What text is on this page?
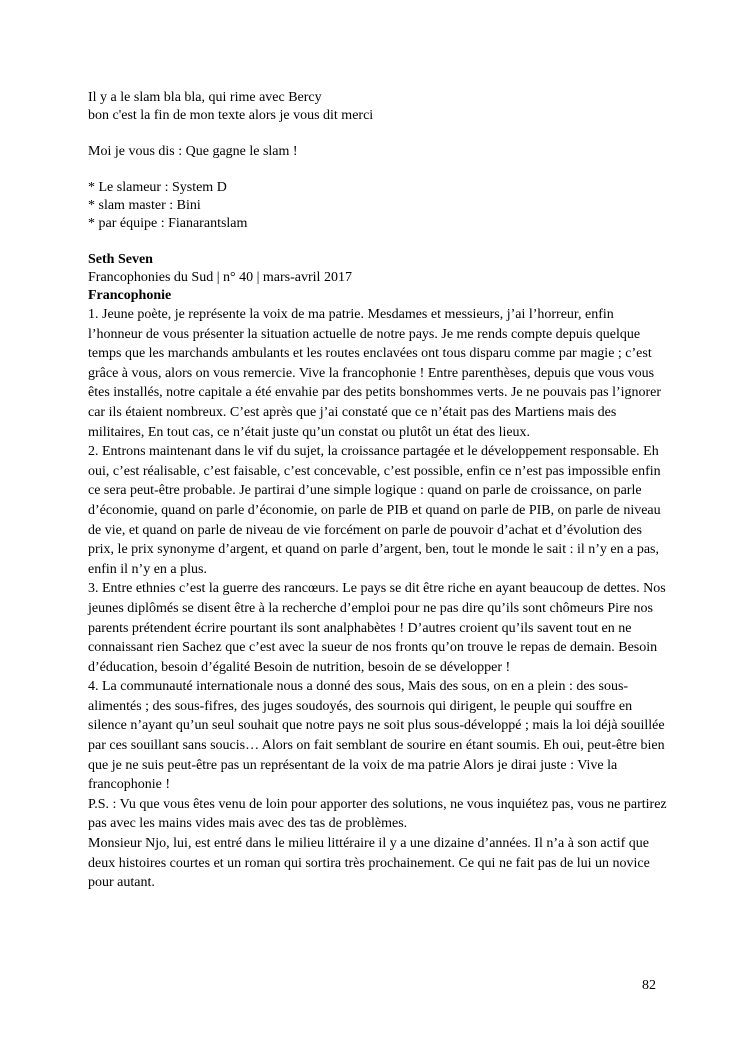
Il y a le slam bla bla, qui rime avec Bercy

bon c'est la fin de mon texte alors je vous dit merci

Moi je vous dis : Que gagne le slam !

* Le slameur : System D

* slam master : Bini

* par équipe : Fianarantslam

Seth Seven

Francophonies du Sud | n° 40 | mars-avril 2017

Francophonie

1. Jeune poète, je représente la voix de ma patrie. Mesdames et messieurs, j’ai l’horreur, enfin l’honneur de vous présenter la situation actuelle de notre pays. Je me rends compte depuis quelque temps que les marchands ambulants et les routes enclavées ont tous disparu comme par magie ; c’est grâce à vous, alors on vous remercie. Vive la francophonie ! Entre parenthèses, depuis que vous vous êtes installés, notre capitale a été envahie par des petits bonshommes verts. Je ne pouvais pas l’ignorer car ils étaient nombreux. C’est après que j’ai constaté que ce n’était pas des Martiens mais des militaires, En tout cas, ce n’était juste qu’un constat ou plutôt un état des lieux.

2. Entrons maintenant dans le vif du sujet, la croissance partagée et le développement responsable. Eh oui, c’est réalisable, c’est faisable, c’est concevable, c’est possible, enfin ce n’est pas impossible enfin ce sera peut-être probable. Je partirai d’une simple logique : quand on parle de croissance, on parle d’économie, quand on parle d’économie, on parle de PIB et quand on parle de PIB, on parle de niveau de vie, et quand on parle de niveau de vie forcément on parle de pouvoir d’achat et d’évolution des prix, le prix synonyme d’argent, et quand on parle d’argent, ben, tout le monde le sait : il n’y en a pas, enfin il n’y en a plus.

3. Entre ethnies c’est la guerre des rancœurs. Le pays se dit être riche en ayant beaucoup de dettes. Nos jeunes diplômés se disent être à la recherche d’emploi pour ne pas dire qu’ils sont chômeurs Pire nos parents prétendent écrire pourtant ils sont analphabètes ! D’autres croient qu’ils savent tout en ne connaissant rien Sachez que c’est avec la sueur de nos fronts qu’on trouve le repas de demain. Besoin d’éducation, besoin d’égalité Besoin de nutrition, besoin de se développer !

4. La communauté internationale nous a donné des sous, Mais des sous, on en a plein : des sous-alimentés ; des sous-fifres, des juges soudoyés, des sournois qui dirigent, le peuple qui souffre en silence n’ayant qu’un seul souhait que notre pays ne soit plus sous-développé ; mais la loi déjà souillée par ces souillant sans soucis… Alors on fait semblant de sourire en étant soumis. Eh oui, peut-être bien que je ne suis peut-être pas un représentant de la voix de ma patrie Alors je dirai juste : Vive la francophonie !

P.S. : Vu que vous êtes venu de loin pour apporter des solutions, ne vous inquiétez pas, vous ne partirez pas avec les mains vides mais avec des tas de problèmes.

Monsieur Njo, lui, est entré dans le milieu littéraire il y a une dizaine d’années. Il n’a à son actif que deux histoires courtes et un roman qui sortira très prochainement. Ce qui ne fait pas de lui un novice pour autant.

82
